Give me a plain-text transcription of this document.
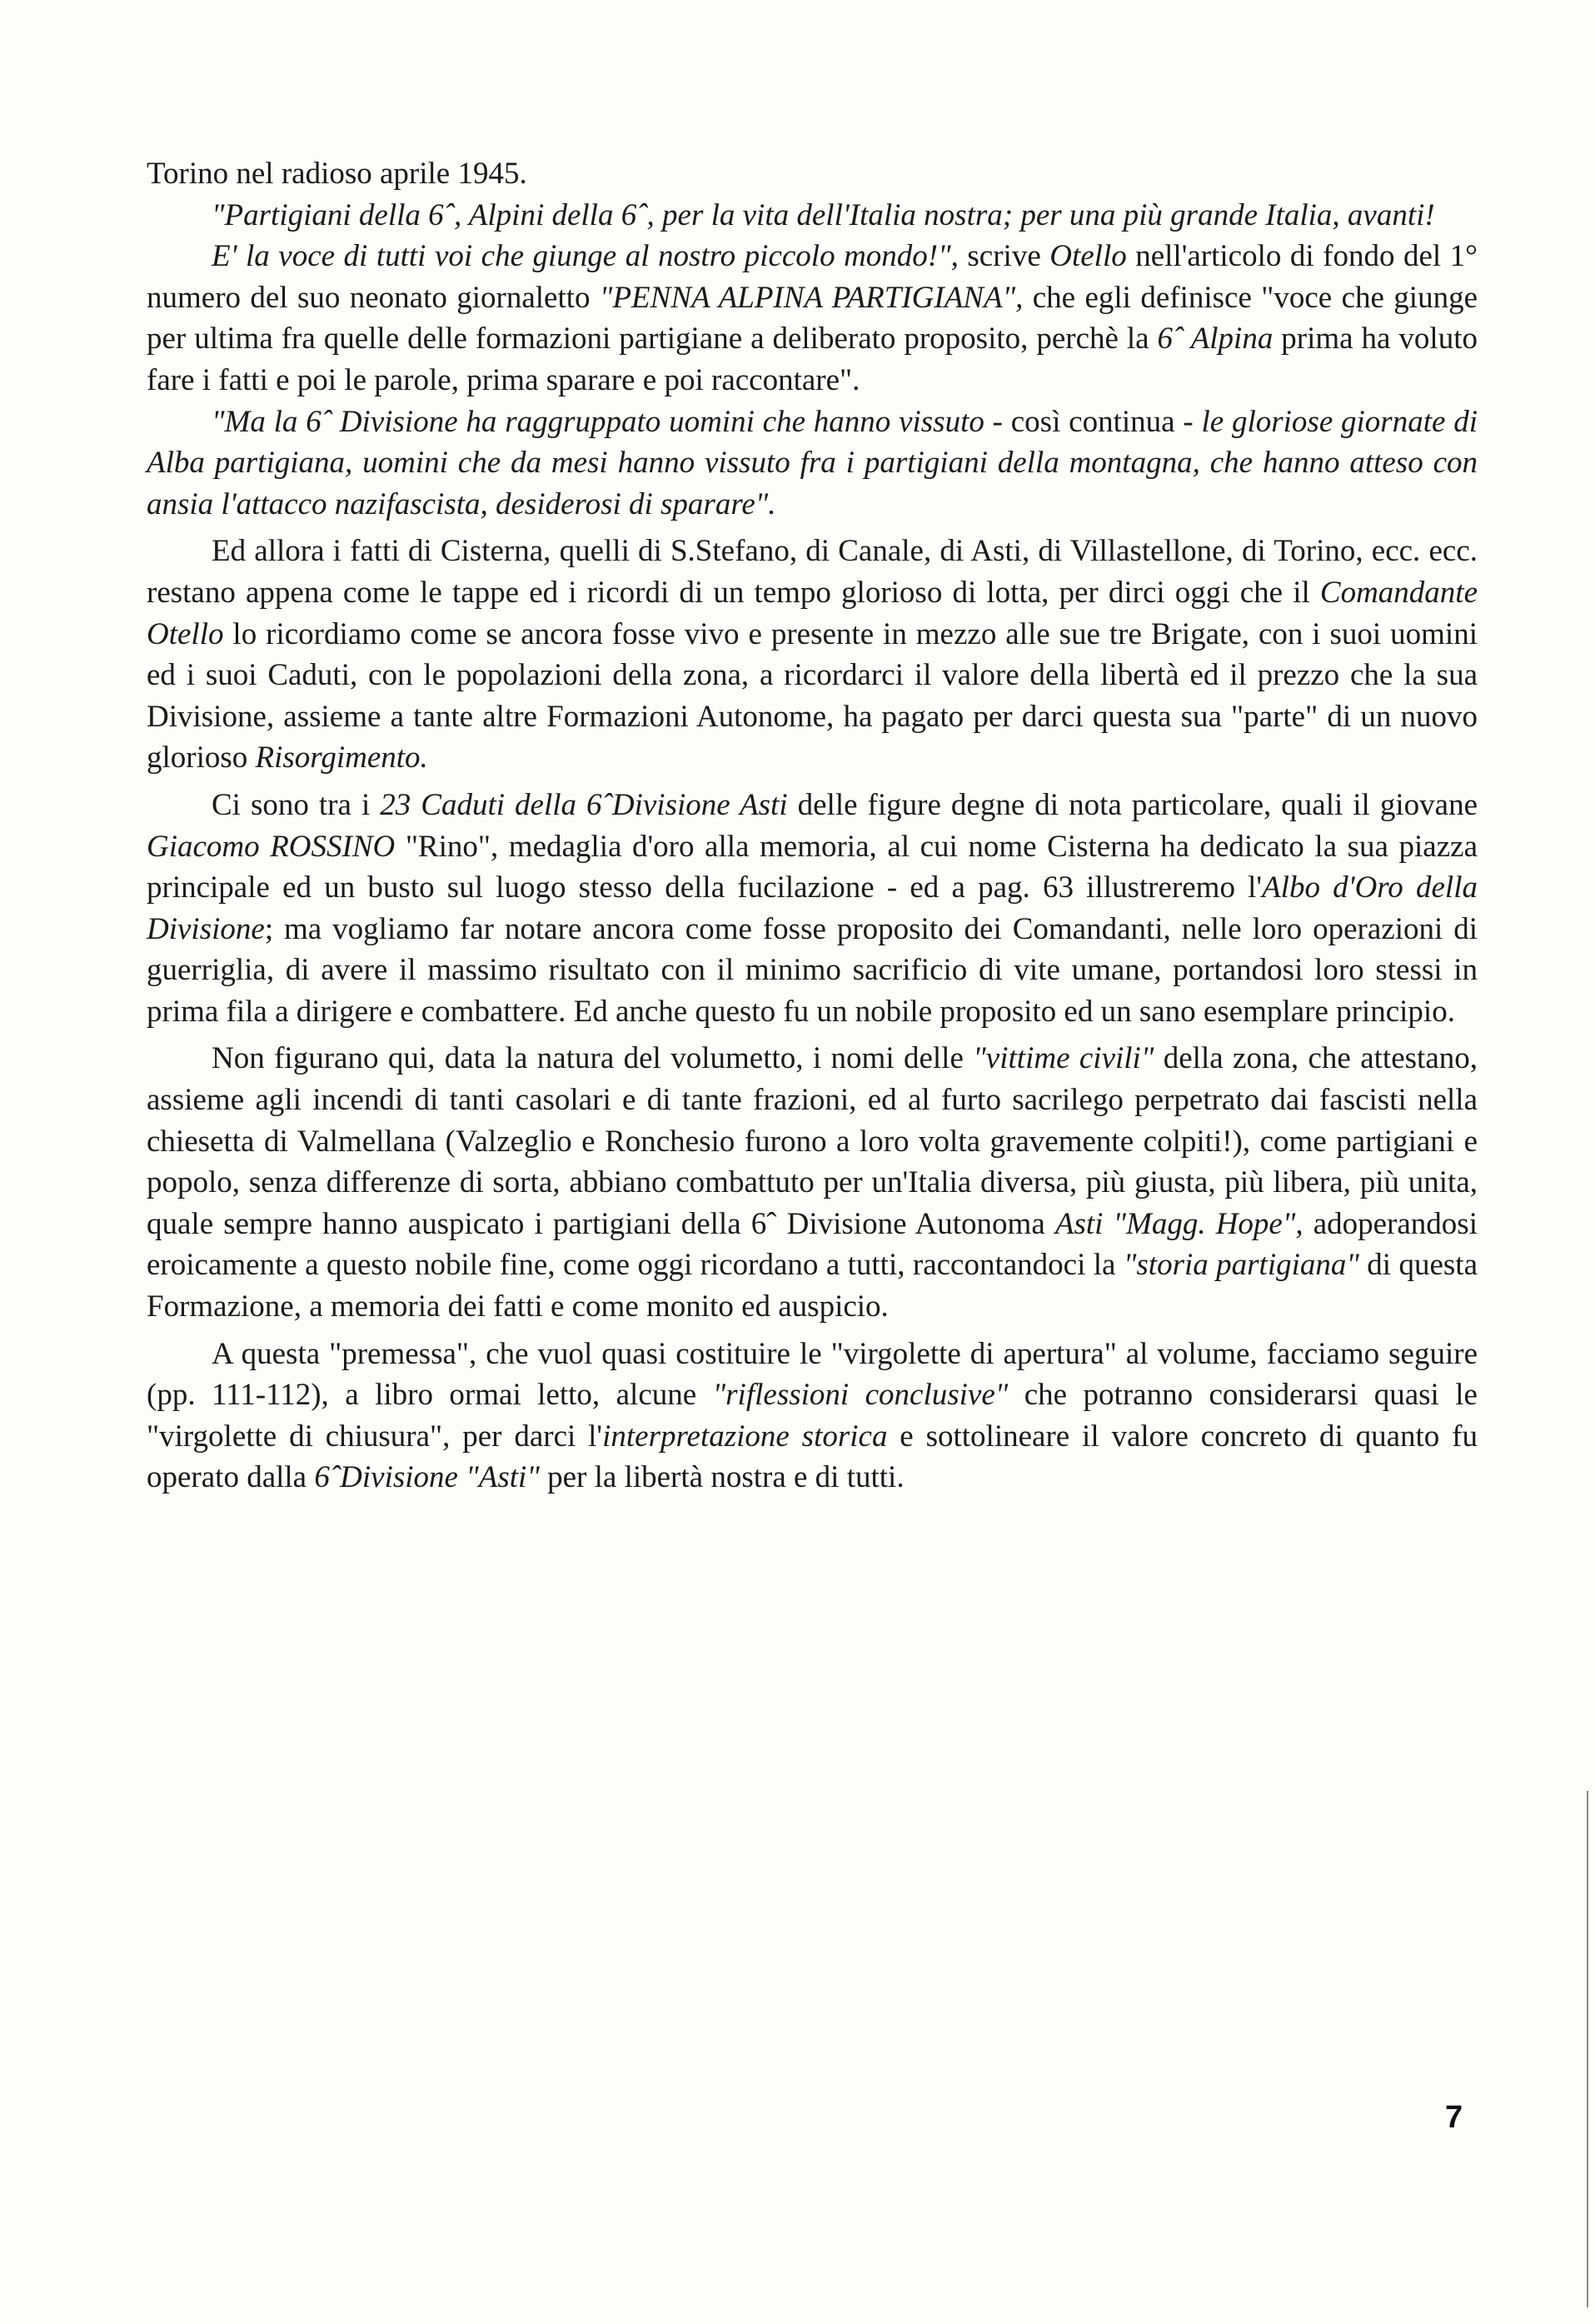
Torino nel radioso aprile 1945.

"Partigiani della 6ˆ, Alpini della 6ˆ, per la vita dell'Italia nostra; per una più grande Italia, avanti!

E' la voce di tutti voi che giunge al nostro piccolo mondo!", scrive Otello nell'articolo di fondo del 1° numero del suo neonato giornaletto "PENNA ALPINA PARTIGIANA", che egli definisce "voce che giunge per ultima fra quelle delle formazioni partigiane a deliberato proposito, perchè la 6ˆ Alpina prima ha voluto fare i fatti e poi le parole, prima sparare e poi raccontare".

"Ma la 6ˆ Divisione ha raggruppato uomini che hanno vissuto - così continua - le gloriose giornate di Alba partigiana, uomini che da mesi hanno vissuto fra i partigiani della montagna, che hanno atteso con ansia l'attacco nazifascista, desiderosi di sparare".

Ed allora i fatti di Cisterna, quelli di S.Stefano, di Canale, di Asti, di Villastellone, di Torino, ecc. ecc. restano appena come le tappe ed i ricordi di un tempo glorioso di lotta, per dirci oggi che il Comandante Otello lo ricordiamo come se ancora fosse vivo e presente in mezzo alle sue tre Brigate, con i suoi uomini ed i suoi Caduti, con le popolazioni della zona, a ricordarci il valore della libertà ed il prezzo che la sua Divisione, assieme a tante altre Formazioni Autonome, ha pagato per darci questa sua "parte" di un nuovo glorioso Risorgimento.

Ci sono tra i 23 Caduti della 6ˆDivisione Asti delle figure degne di nota particolare, quali il giovane Giacomo ROSSINO "Rino", medaglia d'oro alla memoria, al cui nome Cisterna ha dedicato la sua piazza principale ed un busto sul luogo stesso della fucilazione - ed a pag. 63 illustreremo l'Albo d'Oro della Divisione; ma vogliamo far notare ancora come fosse proposito dei Comandanti, nelle loro operazioni di guerriglia, di avere il massimo risultato con il minimo sacrificio di vite umane, portandosi loro stessi in prima fila a dirigere e combattere. Ed anche questo fu un nobile proposito ed un sano esemplare principio.

Non figurano qui, data la natura del volumetto, i nomi delle "vittime civili" della zona, che attestano, assieme agli incendi di tanti casolari e di tante frazioni, ed al furto sacrilego perpetrato dai fascisti nella chiesetta di Valmellana (Valzeglio e Ronchesio furono a loro volta gravemente colpiti!), come partigiani e popolo, senza differenze di sorta, abbiano combattuto per un'Italia diversa, più giusta, più libera, più unita, quale sempre hanno auspicato i partigiani della 6ˆ Divisione Autonoma Asti "Magg. Hope", adoperandosi eroicamente a questo nobile fine, come oggi ricordano a tutti, raccontandoci la "storia partigiana" di questa Formazione, a memoria dei fatti e come monito ed auspicio.

A questa "premessa", che vuol quasi costituire le "virgolette di apertura" al volume, facciamo seguire (pp. 111-112), a libro ormai letto, alcune "riflessioni conclusive" che potranno considerarsi quasi le "virgolette di chiusura", per darci l'interpretazione storica e sottolineare il valore concreto di quanto fu operato dalla 6ˆDivisione "Asti" per la libertà nostra e di tutti.

7
